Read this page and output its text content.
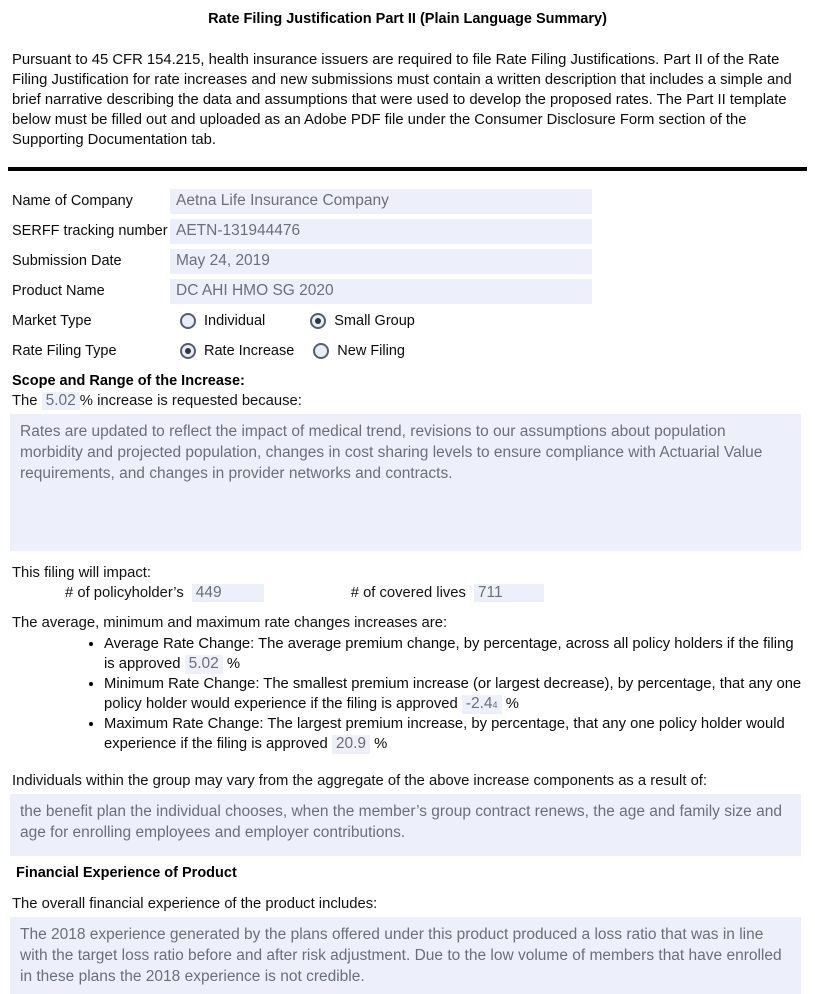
Rate Filing Justification Part II (Plain Language Summary)

Pursuant to 45 CFR 154.215, health insurance issuers are required to file Rate Filing Justifications. Part II of the Rate Filing Justification for rate increases and new submissions must contain a written description that includes a simple and brief narrative describing the data and assumptions that were used to develop the proposed rates. The Part II template below must be filled out and uploaded as an Adobe PDF file under the Consumer Disclosure Form section of the Supporting Documentation tab.

Name of Company	Aetna Life Insurance Company
SERFF tracking number AETN-131944476
Submission Date	May 24, 2019
Product Name	DC AHI HMO SG 2020
Market Type	Individual	Small Group
Rate Filing Type	Rate Increase	New Filing
Scope and Range of the Increase:
The 5.02 % increase is requested because:
Rates are updated to reflect the impact of medical trend, revisions to our assumptions about population morbidity and projected population, changes in cost sharing levels to ensure compliance with Actuarial Value requirements, and changes in provider networks and contracts.
This filing will impact:
# of policyholder’s 449	# of covered lives 711
The average, minimum and maximum rate changes increases are:
• Average Rate Change: The average premium change, by percentage, across all policy holders if the filing is approved 5.02 %
• Minimum Rate Change: The smallest premium increase (or largest decrease), by percentage, that any one policy holder would experience if the filing is approved -2.44 %
• Maximum Rate Change: The largest premium increase, by percentage, that any one policy holder would experience if the filing is approved 20.9 %
Individuals within the group may vary from the aggregate of the above increase components as a result of:
the benefit plan the individual chooses, when the member’s group contract renews, the age and family size and age for enrolling employees and employer contributions.
Financial Experience of Product
The overall financial experience of the product includes:
The 2018 experience generated by the plans offered under this product produced a loss ratio that was in line with the target loss ratio before and after risk adjustment. Due to the low volume of members that have enrolled in these plans the 2018 experience is not credible.
